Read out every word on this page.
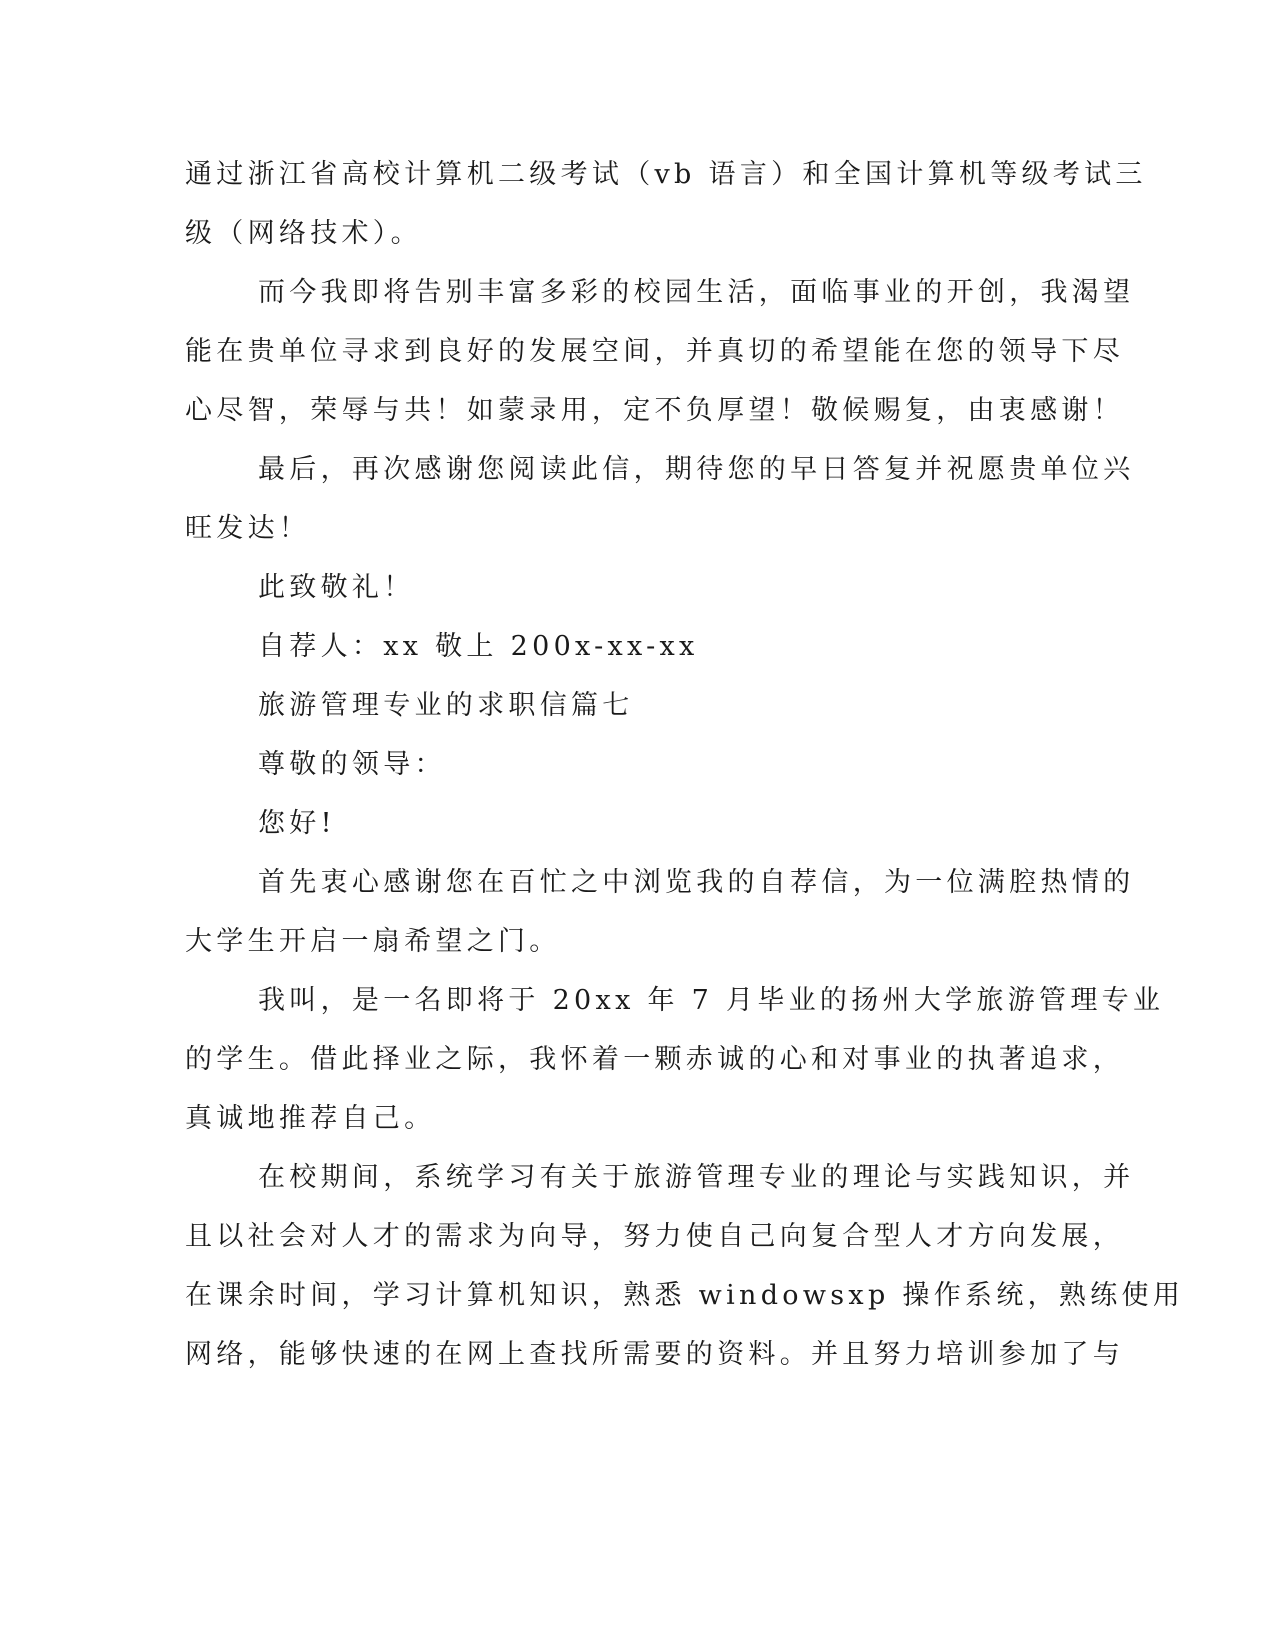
通过浙江省高校计算机二级考试（vb 语言）和全国计算机等级考试三
级（网络技术）。
而今我即将告别丰富多彩的校园生活，面临事业的开创，我渴望
能在贵单位寻求到良好的发展空间，并真切的希望能在您的领导下尽
心尽智，荣辱与共！如蒙录用，定不负厚望！敬候赐复，由衷感谢！
最后，再次感谢您阅读此信，期待您的早日答复并祝愿贵单位兴
旺发达！
此致敬礼！
自荐人：xx 敬上 200x-xx-xx
旅游管理专业的求职信篇七
尊敬的领导：
您好!
首先衷心感谢您在百忙之中浏览我的自荐信，为一位满腔热情的
大学生开启一扇希望之门。
我叫，是一名即将于 20xx 年 7 月毕业的扬州大学旅游管理专业
的学生。借此择业之际，我怀着一颗赤诚的心和对事业的执著追求，
真诚地推荐自己。
在校期间，系统学习有关于旅游管理专业的理论与实践知识，并
且以社会对人才的需求为向导，努力使自己向复合型人才方向发展，
在课余时间，学习计算机知识，熟悉 windowsxp 操作系统，熟练使用
网络，能够快速的在网上查找所需要的资料。并且努力培训参加了与
